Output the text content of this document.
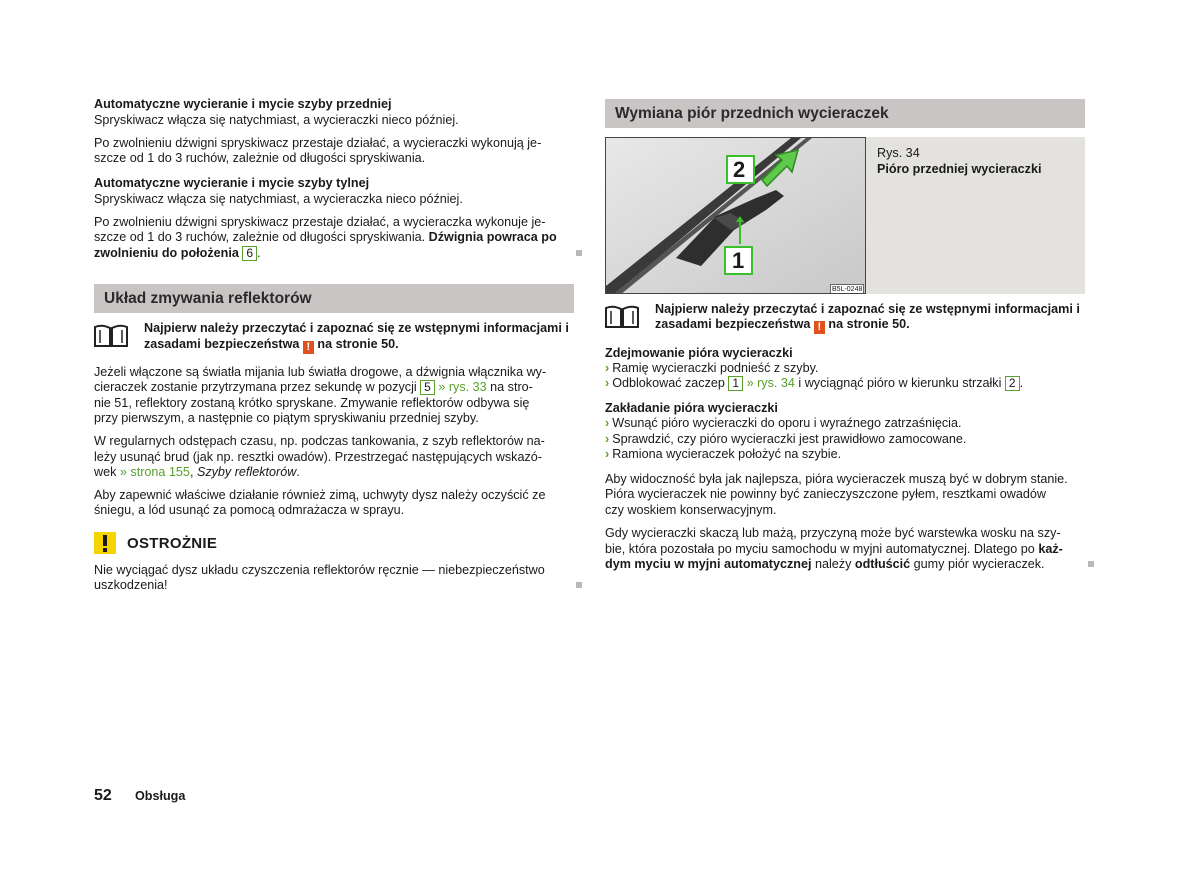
Automatyczne wycieranie i mycie szyby przedniej

Spryskiwacz włącza się natychmiast, a wycieraczki nieco później.

Po zwolnieniu dźwigni spryskiwacz przestaje działać, a wycieraczki wykonują je-

szcze od 1 do 3 ruchów, zależnie od długości spryskiwania.

Automatyczne wycieranie i mycie szyby tylnej

Spryskiwacz włącza się natychmiast, a wycieraczka nieco później.

Po zwolnieniu dźwigni spryskiwacz przestaje działać, a wycieraczka wykonuje je-

szcze od 1 do 3 ruchów, zależnie od długości spryskiwania. Dźwignia powraca po

zwolnieniu do położenia 6 .

Układ zmywania reflektorów

Najpierw należy przeczytać i zapoznać się ze wstępnymi informacjami i

zasadami bezpieczeństwa ! na stronie 50.

Jeżeli włączone są światła mijania lub światła drogowe, a dźwignia włącznika wy-

cieraczek zostanie przytrzymana przez sekundę w pozycji 5 » rys. 33 na stro-

nie 51, reflektory zostaną krótko spryskane. Zmywanie reflektorów odbywa się

przy pierwszym, a następnie co piątym spryskiwaniu przedniej szyby.

W regularnych odstępach czasu, np. podczas tankowania, z szyb reflektorów na-

leży usunąć brud (jak np. resztki owadów). Przestrzegać następujących wskazó-

wek » strona 155, Szyby reflektorów.

Aby zapewnić właściwe działanie również zimą, uchwyty dysz należy oczyścić ze

śniegu, a lód usunąć za pomocą odmrażacza w sprayu.

OSTROŻNIE

Nie wyciągać dysz układu czyszczenia reflektorów ręcznie — niebezpieczeństwo

uszkodzenia!

Wymiana piór przednich wycieraczek
2
1
B5L-0248

Rys. 34

Pióro przedniej wycieraczki

Najpierw należy przeczytać i zapoznać się ze wstępnymi informacjami i

zasadami bezpieczeństwa ! na stronie 50.

Zdejmowanie pióra wycieraczki

› Ramię wycieraczki podnieść z szyby.

› Odblokować zaczep 1 » rys. 34 i wyciągnąć pióro w kierunku strzałki 2 .

Zakładanie pióra wycieraczki

› Wsunąć pióro wycieraczki do oporu i wyraźnego zatrzaśnięcia.

› Sprawdzić, czy pióro wycieraczki jest prawidłowo zamocowane.

› Ramiona wycieraczek położyć na szybie.

Aby widoczność była jak najlepsza, pióra wycieraczek muszą być w dobrym stanie.

Pióra wycieraczek nie powinny być zanieczyszczone pyłem, resztkami owadów

czy woskiem konserwacyjnym.

Gdy wycieraczki skaczą lub mażą, przyczyną może być warstewka wosku na szy-

bie, która pozostała po myciu samochodu w myjni automatycznej. Dlatego po każ-

dym myciu w myjni automatycznej należy odtłuścić gumy piór wycieraczek.

52 Obsługa
